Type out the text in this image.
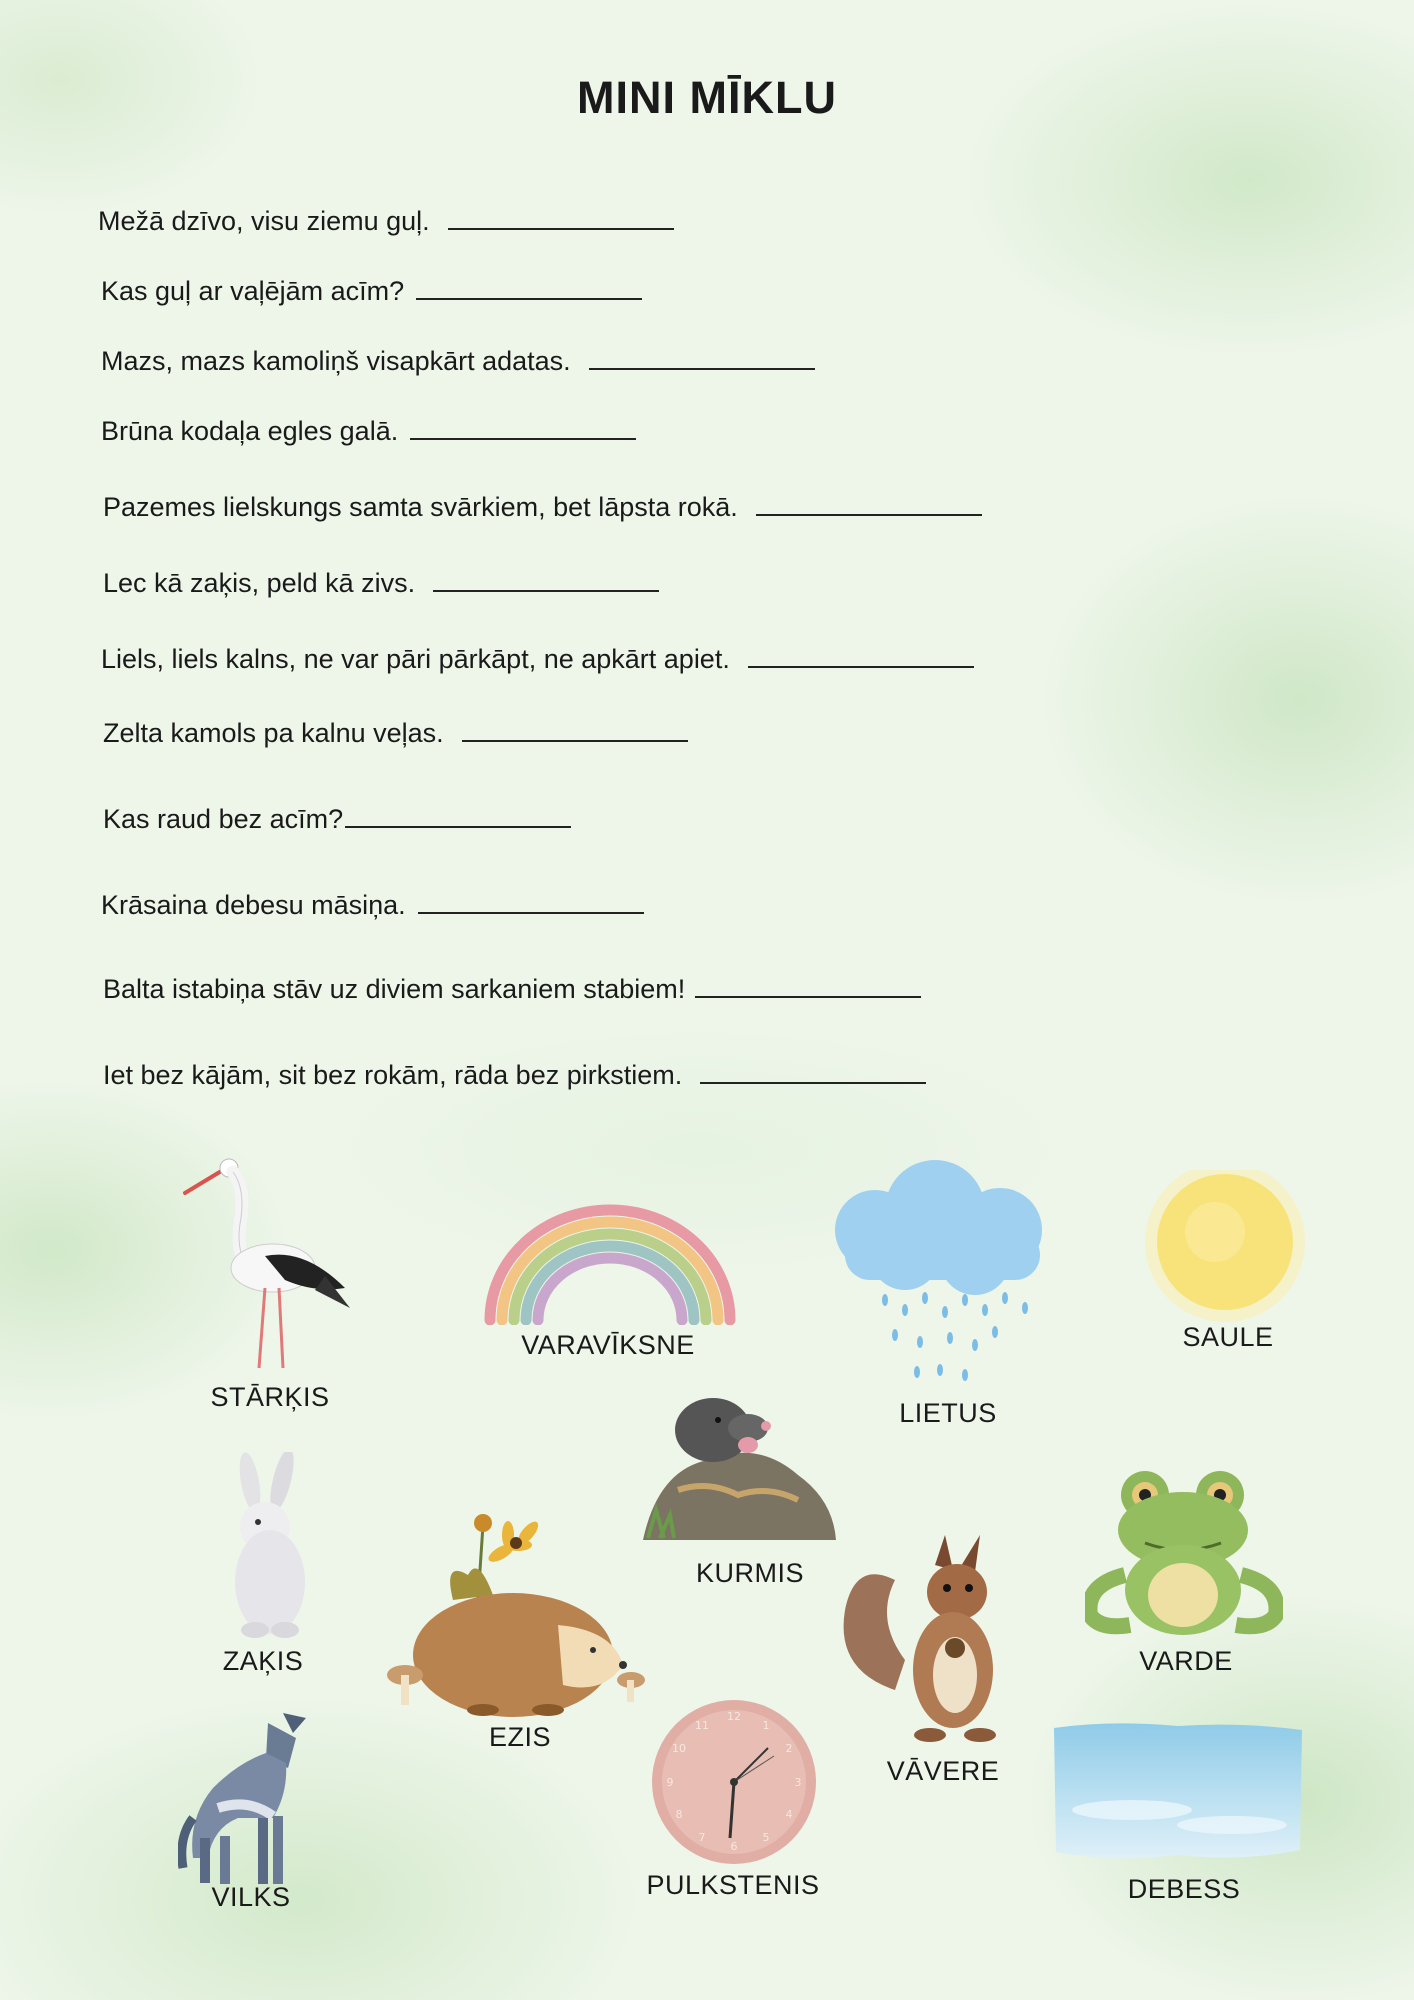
MINI MĪKLU
Mežā dzīvo, visu ziemu guļ.
Kas guļ ar vaļējām acīm?
Mazs, mazs kamoliņš visapkārt adatas.
Brūna kodaļa egles galā.
Pazemes lielskungs samta svārkiem, bet lāpsta rokā.
Lec kā zaķis, peld kā zivs.
Liels, liels kalns, ne var pāri pārkāpt, ne apkārt apiet.
Zelta kamols pa kalnu veļas.
Kas raud bez acīm?
Krāsaina debesu māsiņa.
Balta istabiņa stāv uz diviem sarkaniem stabiem!
Iet bez kājām, sit bez rokām, rāda bez pirkstiem.
STĀRĶIS
VARAVĪKSNE
LIETUS
SAULE
KURMIS
ZAĶIS
EZIS
VĀVERE
VARDE
VILKS
12
1
2
3
4
5
6
7
8
9
10
11
PULKSTENIS	DEBESS
